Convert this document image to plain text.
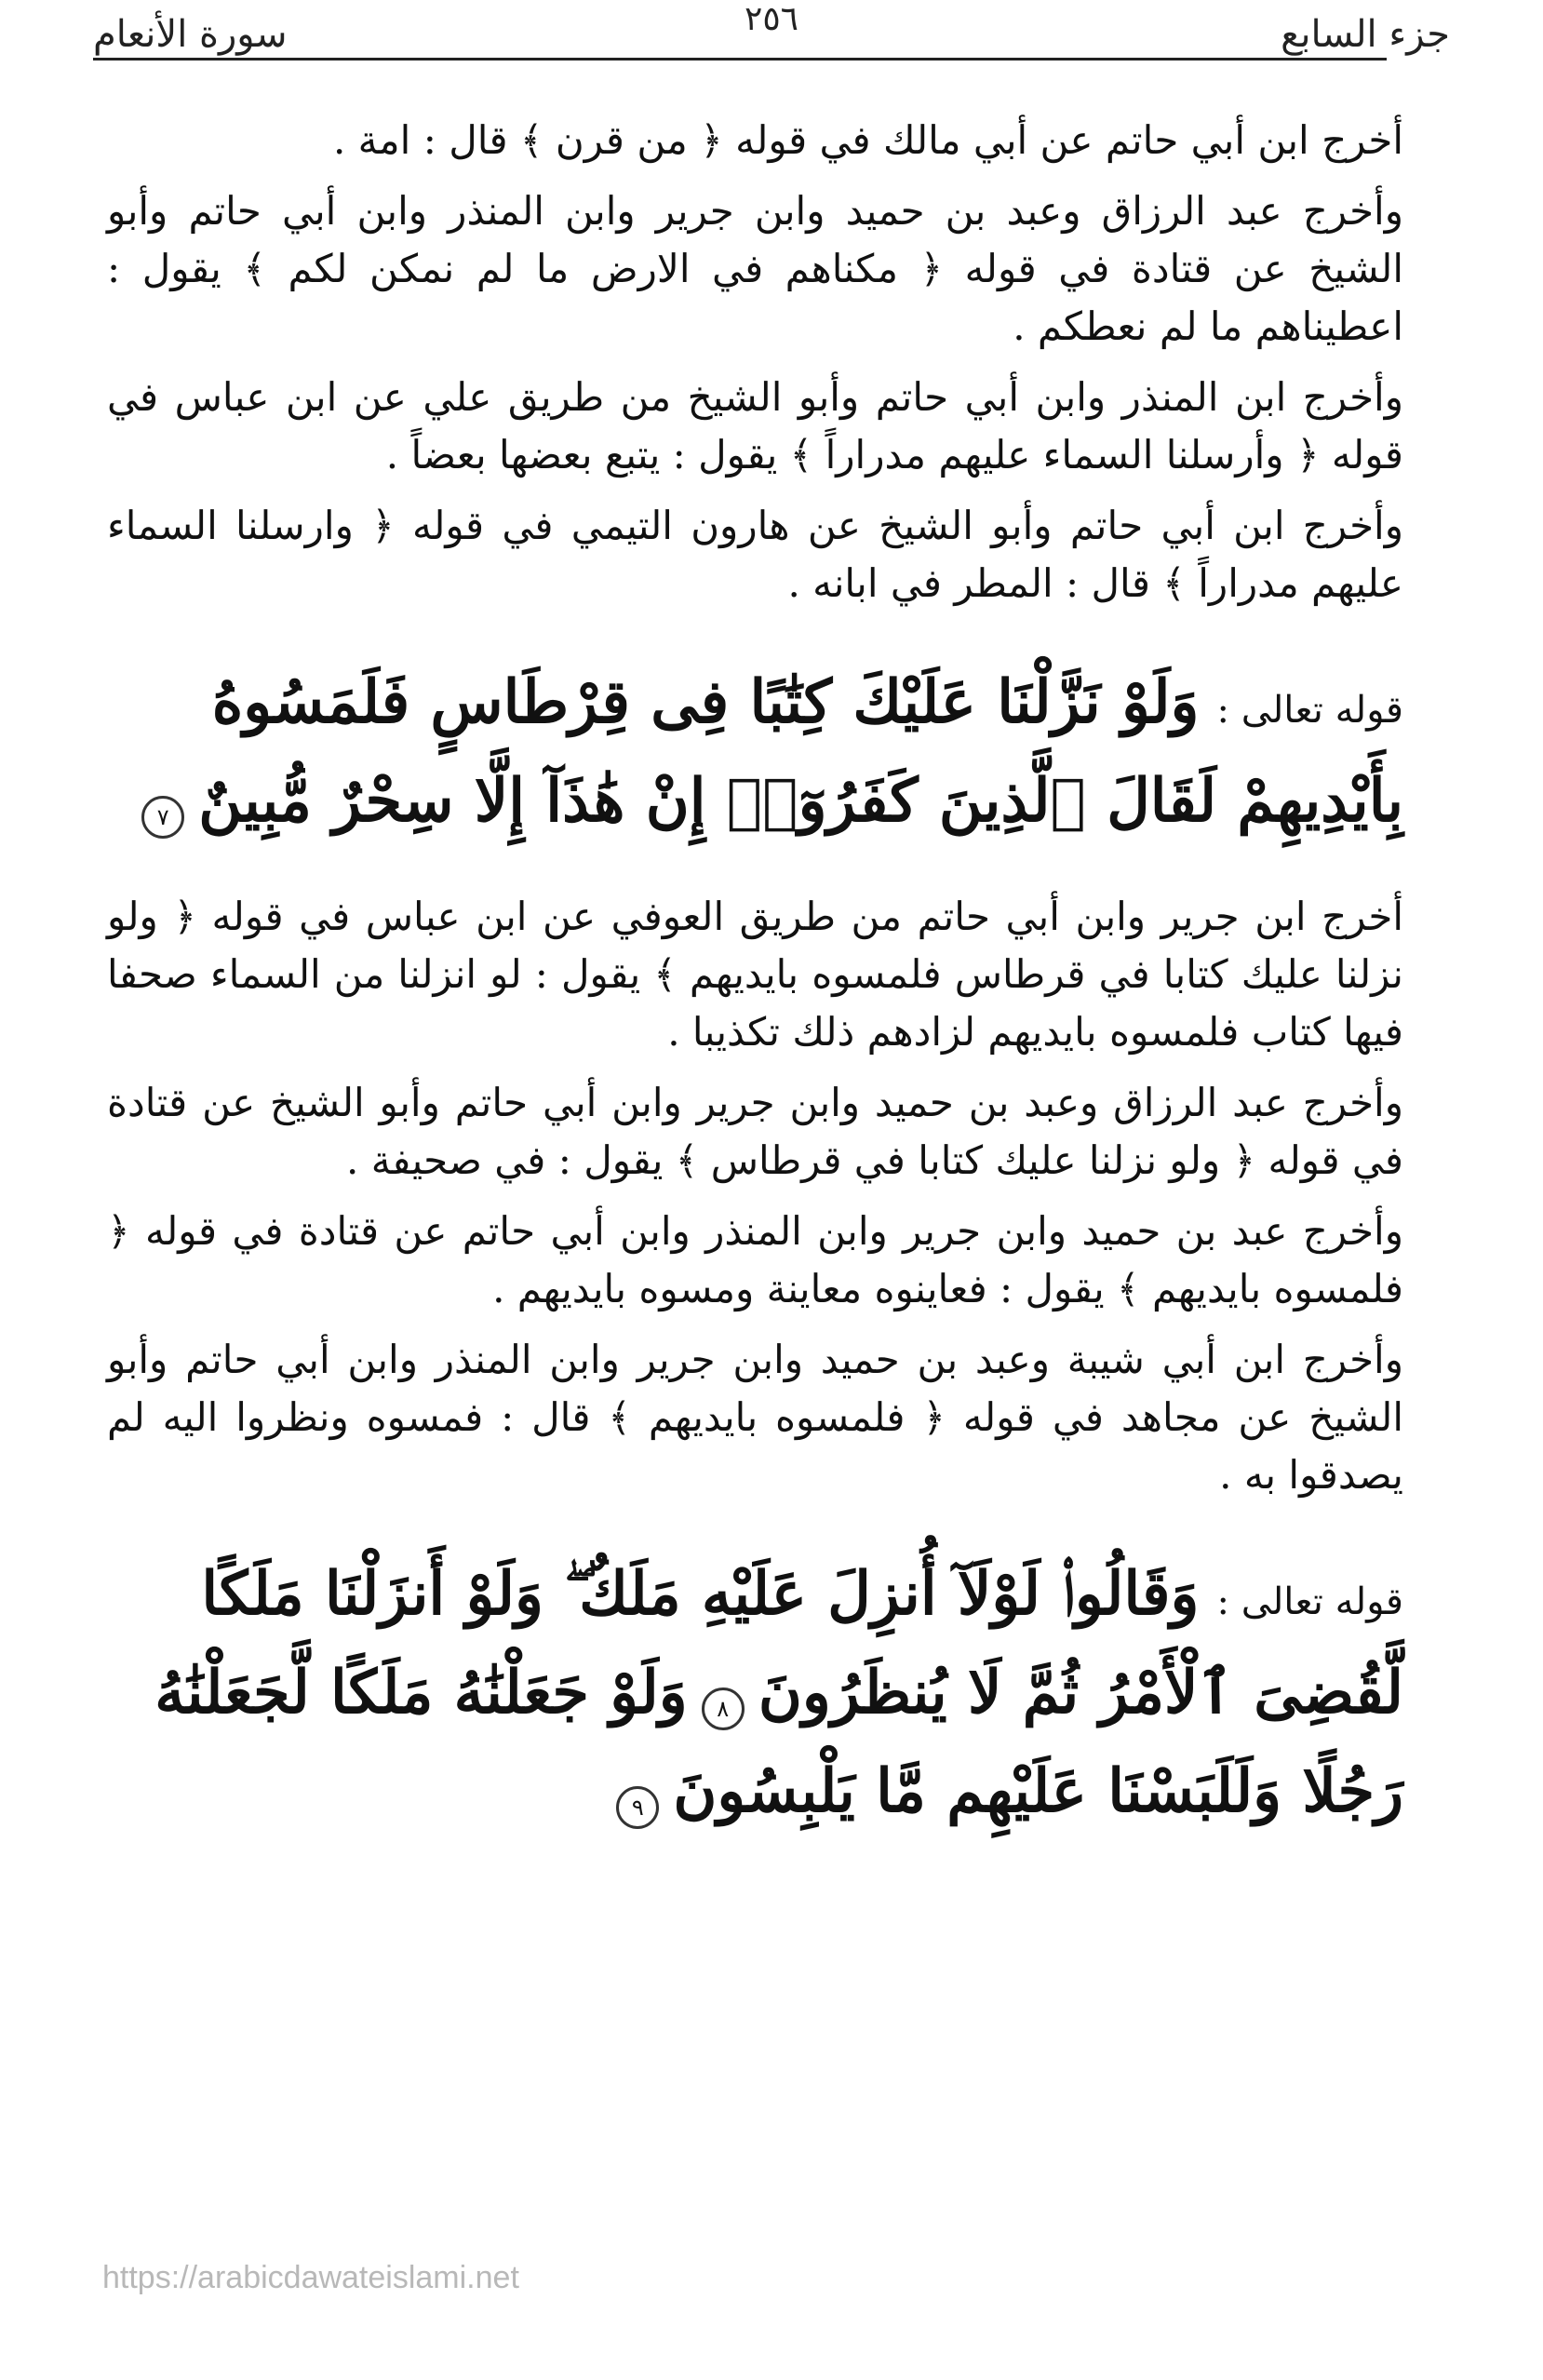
جزء السابع
٢٥٦
سورة الأنعام

أخرج ابن أبي حاتم عن أبي مالك في قوله ﴿ من قرن ﴾ قال : امة .

وأخرج عبد الرزاق وعبد بن حميد وابن جرير وابن المنذر وابن أبي حاتم وأبو الشيخ عن قتادة في قوله ﴿ مكناهم في الارض ما لم نمكن لكم ﴾ يقول : اعطيناهم ما لم نعطكم .

وأخرج ابن المنذر وابن أبي حاتم وأبو الشيخ من طريق علي عن ابن عباس في قوله ﴿ وأرسلنا السماء عليهم مدراراً ﴾ يقول : يتبع بعضها بعضاً .

وأخرج ابن أبي حاتم وأبو الشيخ عن هارون التيمي في قوله ﴿ وارسلنا السماء عليهم مدراراً ﴾ قال : المطر في ابانه .

قوله تعالى : وَلَوْ نَزَّلْنَا عَلَيْكَ كِتَٰبًا فِى قِرْطَاسٍ فَلَمَسُوهُ بِأَيْدِيهِمْ لَقَالَ ٱلَّذِينَ كَفَرُوٓا۟ إِنْ هَٰذَآ إِلَّا سِحْرٌ مُّبِينٌ ٧

أخرج ابن جرير وابن أبي حاتم من طريق العوفي عن ابن عباس في قوله ﴿ ولو نزلنا عليك كتابا في قرطاس فلمسوه بايديهم ﴾ يقول : لو انزلنا من السماء صحفا فيها كتاب فلمسوه بايديهم لزادهم ذلك تكذيبا .

وأخرج عبد الرزاق وعبد بن حميد وابن جرير وابن أبي حاتم وأبو الشيخ عن قتادة في قوله ﴿ ولو نزلنا عليك كتابا في قرطاس ﴾ يقول : في صحيفة .

وأخرج عبد بن حميد وابن جرير وابن المنذر وابن أبي حاتم عن قتادة في قوله ﴿ فلمسوه بايديهم ﴾ يقول : فعاينوه معاينة ومسوه بايديهم .

وأخرج ابن أبي شيبة وعبد بن حميد وابن جرير وابن المنذر وابن أبي حاتم وأبو الشيخ عن مجاهد في قوله ﴿ فلمسوه بايديهم ﴾ قال : فمسوه ونظروا اليه لم يصدقوا به .

قوله تعالى : وَقَالُوا۟ لَوْلَآ أُنزِلَ عَلَيْهِ مَلَكٌ ۖ وَلَوْ أَنزَلْنَا مَلَكًا لَّقُضِىَ ٱلْأَمْرُ ثُمَّ لَا يُنظَرُونَ ٨ وَلَوْ جَعَلْنَٰهُ مَلَكًا لَّجَعَلْنَٰهُ رَجُلًا وَلَلَبَسْنَا عَلَيْهِم مَّا يَلْبِسُونَ ٩
https://arabicdawateislami.net
